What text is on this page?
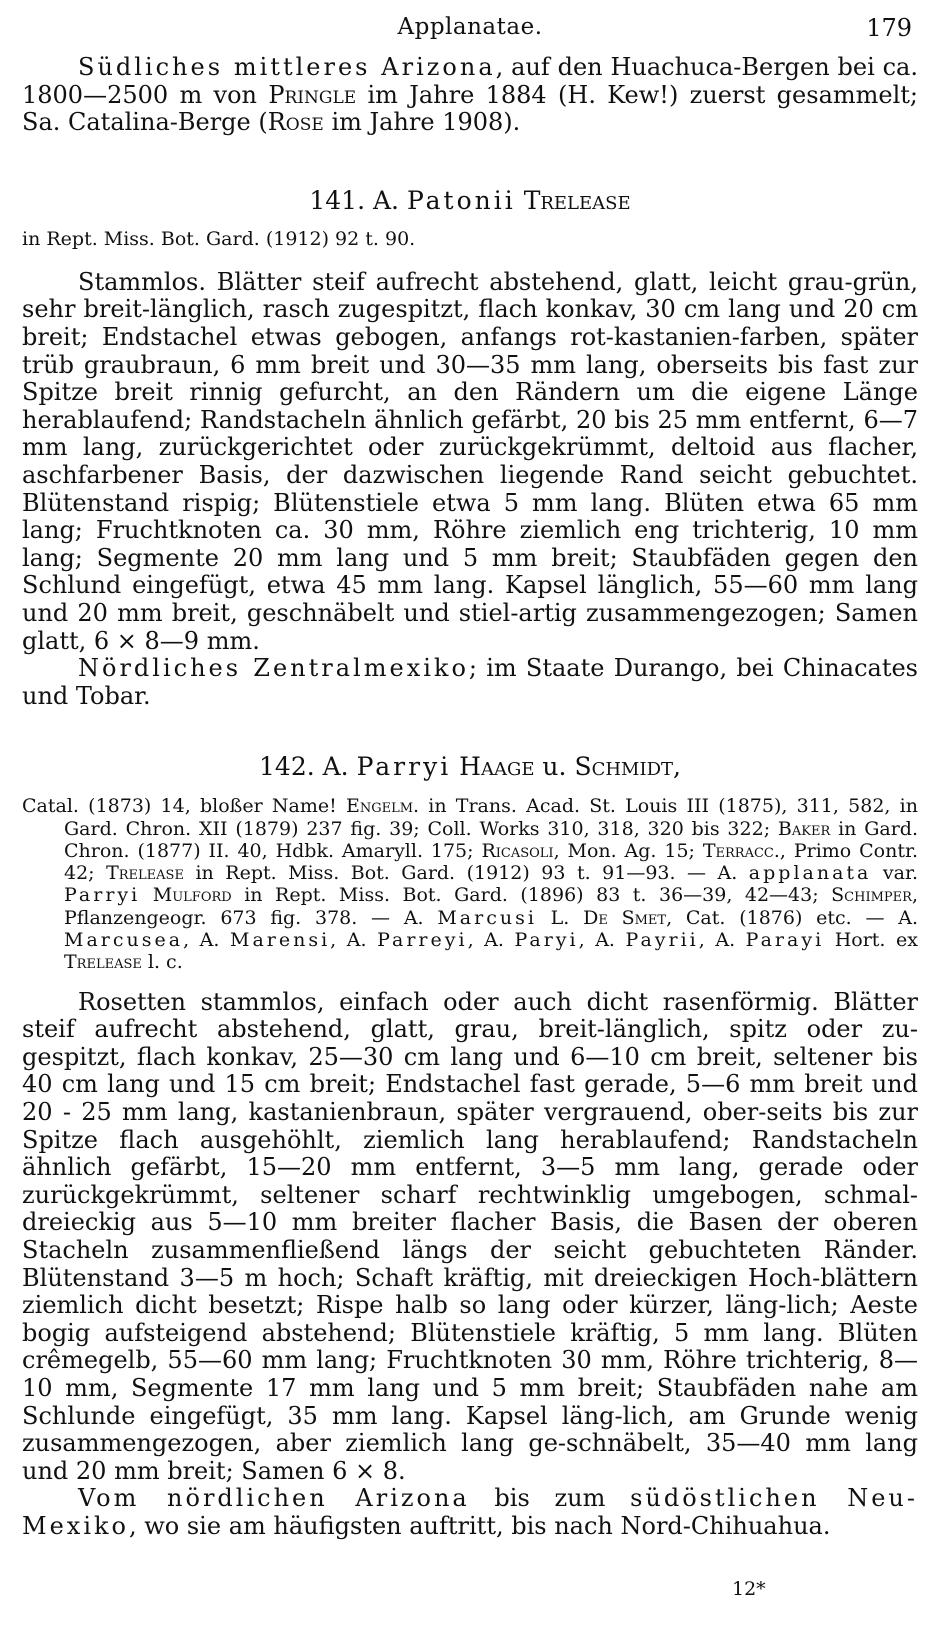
Applanatae.	179

Südliches mittleres Arizona, auf den Huachuca-Bergen bei ca. 1800—2500 m von Pringle im Jahre 1884 (H. Kew!) zuerst gesammelt; Sa. Catalina-Berge (Rose im Jahre 1908).

141. A. Patonii Trelease

in Rept. Miss. Bot. Gard. (1912) 92 t. 90.

Stammlos. Blätter steif aufrecht abstehend, glatt, leicht grau-grün, sehr breit-länglich, rasch zugespitzt, flach konkav, 30 cm lang und 20 cm breit; Endstachel etwas gebogen, anfangs rot-kastanien-farben, später trüb graubraun, 6 mm breit und 30—35 mm lang, oberseits bis fast zur Spitze breit rinnig gefurcht, an den Rändern um die eigene Länge herablaufend; Randstacheln ähnlich gefärbt, 20 bis 25 mm entfernt, 6—7 mm lang, zurückgerichtet oder zurückgekrümmt, deltoid aus flacher, aschfarbener Basis, der dazwischen liegende Rand seicht gebuchtet. Blütenstand rispig; Blütenstiele etwa 5 mm lang. Blüten etwa 65 mm lang; Fruchtknoten ca. 30 mm, Röhre ziemlich eng trichterig, 10 mm lang; Segmente 20 mm lang und 5 mm breit; Staubfäden gegen den Schlund eingefügt, etwa 45 mm lang. Kapsel länglich, 55—60 mm lang und 20 mm breit, geschnäbelt und stiel-artig zusammengezogen; Samen glatt, 6 × 8—9 mm.

Nördliches Zentralmexiko; im Staate Durango, bei Chinacates und Tobar.

142. A. Parryi Haage u. Schmidt,

Catal. (1873) 14, bloßer Name! Engelm. in Trans. Acad. St. Louis III (1875), 311, 582, in Gard. Chron. XII (1879) 237 fig. 39; Coll. Works 310, 318, 320 bis 322; Baker in Gard. Chron. (1877) II. 40, Hdbk. Amaryll. 175; Ricasoli, Mon. Ag. 15; Terracc., Primo Contr. 42; Trelease in Rept. Miss. Bot. Gard. (1912) 93 t. 91—93. — A. applanata var. Parryi Mulford in Rept. Miss. Bot. Gard. (1896) 83 t. 36—39, 42—43; Schimper, Pflanzengeogr. 673 fig. 378. — A. Marcusi L. De Smet, Cat. (1876) etc. — A. Marcusea, A. Marensi, A. Parreyi, A. Paryi, A. Payrii, A. Parayi Hort. ex Trelease l. c.

Rosetten stammlos, einfach oder auch dicht rasenförmig. Blätter steif aufrecht abstehend, glatt, grau, breit-länglich, spitz oder zu-gespitzt, flach konkav, 25—30 cm lang und 6—10 cm breit, seltener bis 40 cm lang und 15 cm breit; Endstachel fast gerade, 5—6 mm breit und 20 - 25 mm lang, kastanienbraun, später vergrauend, ober-seits bis zur Spitze flach ausgehöhlt, ziemlich lang herablaufend; Randstacheln ähnlich gefärbt, 15—20 mm entfernt, 3—5 mm lang, gerade oder zurückgekrümmt, seltener scharf rechtwinklig umgebogen, schmal-dreieckig aus 5—10 mm breiter flacher Basis, die Basen der oberen Stacheln zusammenfließend längs der seicht gebuchteten Ränder. Blütenstand 3—5 m hoch; Schaft kräftig, mit dreieckigen Hoch-blättern ziemlich dicht besetzt; Rispe halb so lang oder kürzer, läng-lich; Aeste bogig aufsteigend abstehend; Blütenstiele kräftig, 5 mm lang. Blüten crêmegelb, 55—60 mm lang; Fruchtknoten 30 mm, Röhre trichterig, 8—10 mm, Segmente 17 mm lang und 5 mm breit; Staubfäden nahe am Schlunde eingefügt, 35 mm lang. Kapsel läng-lich, am Grunde wenig zusammengezogen, aber ziemlich lang ge-schnäbelt, 35—40 mm lang und 20 mm breit; Samen 6 × 8.

Vom nördlichen Arizona bis zum südöstlichen Neu-Mexiko, wo sie am häufigsten auftritt, bis nach Nord-Chihuahua.

12*
